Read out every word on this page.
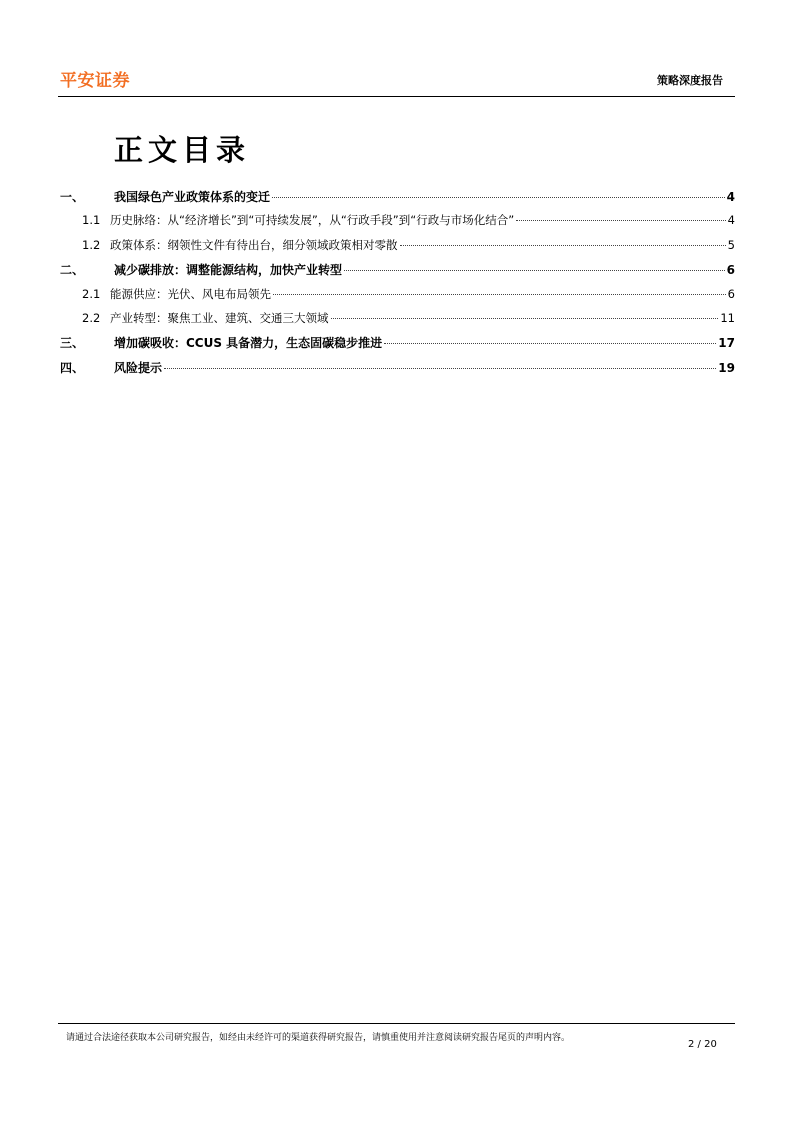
平安证券	策略深度报告
正文目录
一、	我国绿色产业政策体系的变迁	4
1.1 历史脉络：从“经济增长”到“可持续发展”，从“行政手段”到“行政与市场化结合”	4
1.2 政策体系：纲领性文件有待出台，细分领域政策相对零散	5
二、	减少碳排放：调整能源结构，加快产业转型	6
2.1 能源供应：光伏、风电布局领先	6
2.2 产业转型：聚焦工业、建筑、交通三大领域	11
三、	增加碳吸收：CCUS 具备潜力，生态固碳稳步推进	17
四、	风险提示	19
请通过合法途径获取本公司研究报告，如经由未经许可的渠道获得研究报告，请慎重使用并注意阅读研究报告尾页的声明内容。
2 / 20
